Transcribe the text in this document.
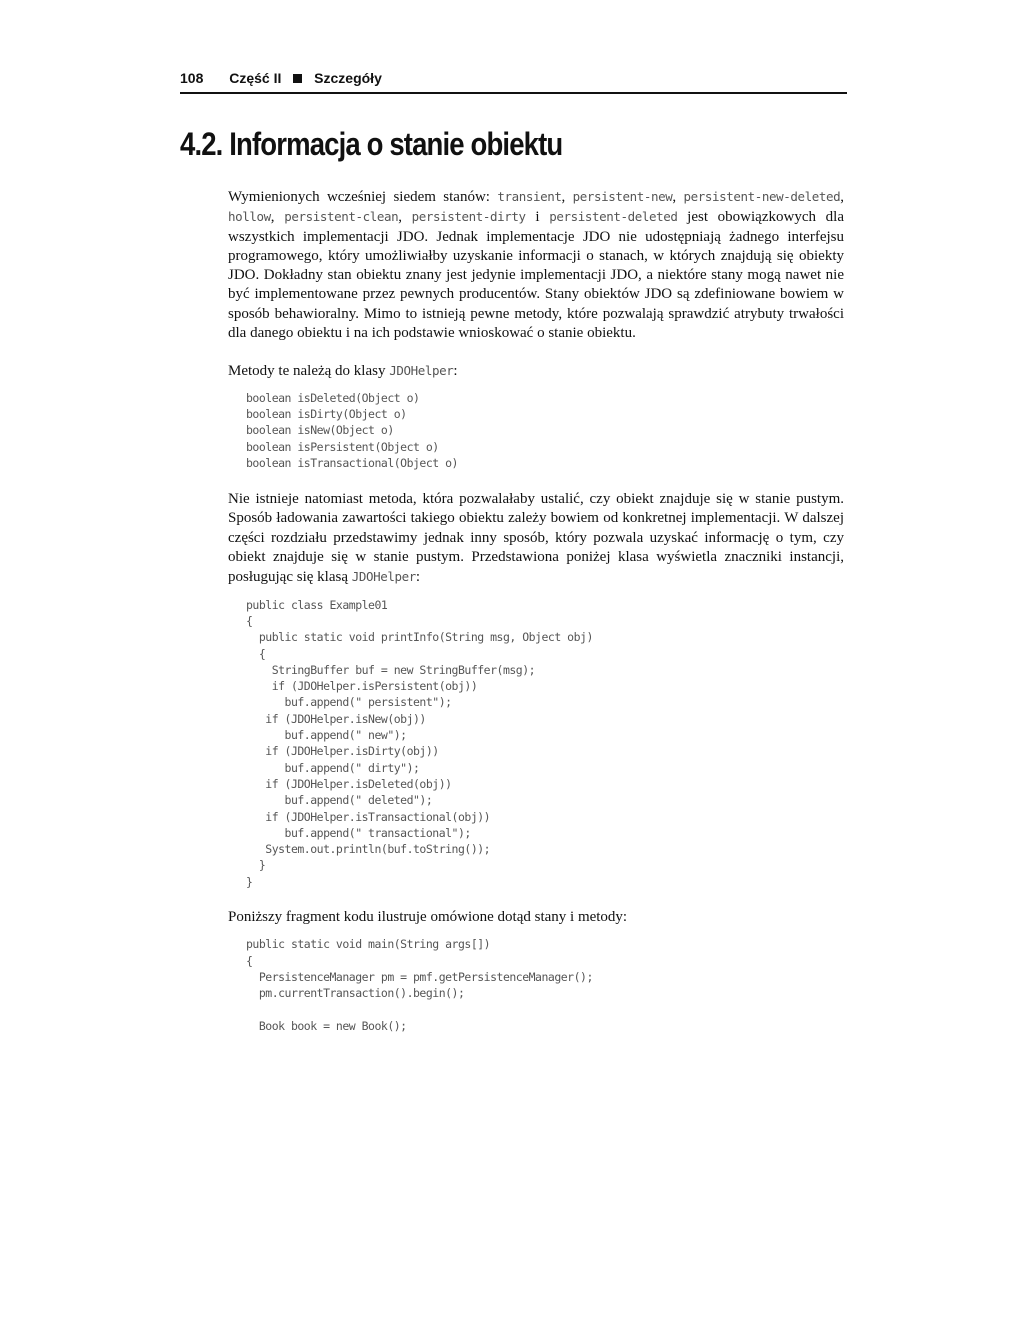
108 Część II Szczegóły
4.2. Informacja o stanie obiektu

Wymienionych wcześniej siedem stanów: transient, persistent-new, persistent-new-deleted, hollow, persistent-clean, persistent-dirty i persistent-deleted jest obowiązkowych dla wszystkich implementacji JDO. Jednak implementacje JDO nie udostępniają żadnego interfejsu programowego, który umożliwiałby uzyskanie informacji o stanach, w których znajdują się obiekty JDO. Dokładny stan obiektu znany jest jedynie implementacji JDO, a niektóre stany mogą nawet nie być implementowane przez pewnych producentów. Stany obiektów JDO są zdefiniowane bowiem w sposób behawioralny. Mimo to istnieją pewne metody, które pozwalają sprawdzić atrybuty trwałości dla danego obiektu i na ich podstawie wnioskować o stanie obiektu.

Metody te należą do klasy JDOHelper:

boolean isDeleted(Object o)
boolean isDirty(Object o)
boolean isNew(Object o)
boolean isPersistent(Object o)
boolean isTransactional(Object o)

Nie istnieje natomiast metoda, która pozwalałaby ustalić, czy obiekt znajduje się w stanie pustym. Sposób ładowania zawartości takiego obiektu zależy bowiem od konkretnej implementacji. W dalszej części rozdziału przedstawimy jednak inny sposób, który pozwala uzyskać informację o tym, czy obiekt znajduje się w stanie pustym. Przedstawiona poniżej klasa wyświetla znaczniki instancji, posługując się klasą JDOHelper:

public class Example01
{
public static void printInfo(String msg, Object obj)
{
StringBuffer buf = new StringBuffer(msg);
if (JDOHelper.isPersistent(obj))
buf.append(" persistent");
if (JDOHelper.isNew(obj))
buf.append(" new");
if (JDOHelper.isDirty(obj))
buf.append(" dirty");
if (JDOHelper.isDeleted(obj))
buf.append(" deleted");
if (JDOHelper.isTransactional(obj))
buf.append(" transactional");
System.out.println(buf.toString());
}
}

Poniższy fragment kodu ilustruje omówione dotąd stany i metody:

public static void main(String args[])
{
PersistenceManager pm = pmf.getPersistenceManager();
pm.currentTransaction().begin();
Book book = new Book();
